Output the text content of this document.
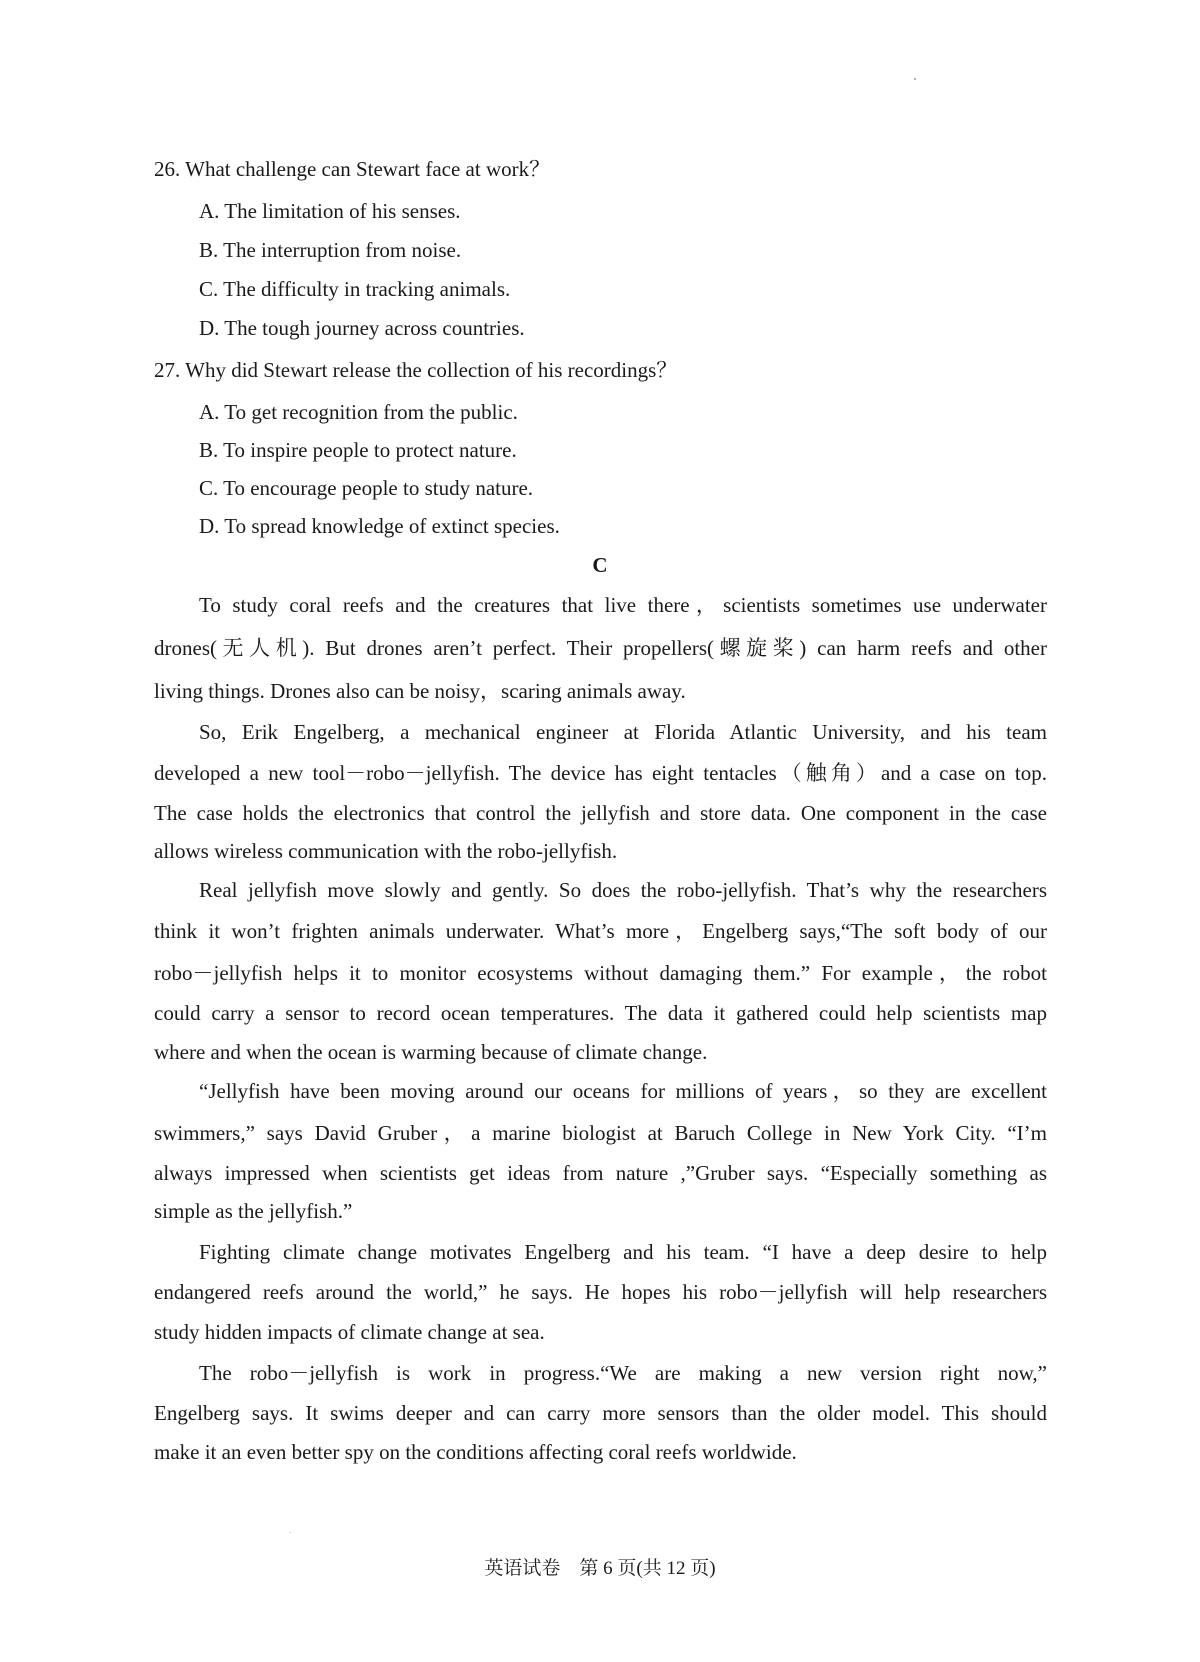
26. What challenge can Stewart face at work？
A. The limitation of his senses.
B. The interruption from noise.
C. The difficulty in tracking animals.
D. The tough journey across countries.
27. Why did Stewart release the collection of his recordings？
A. To get recognition from the public.
B. To inspire people to protect nature.
C. To encourage people to study nature.
D. To spread knowledge of extinct species.
C
To study coral reefs and the creatures that live there，scientists sometimes use underwater
drones(无人机). But drones aren’t perfect. Their propellers(螺旋桨) can harm reefs and other
living things. Drones also can be noisy，scaring animals away.
So, Erik Engelberg, a mechanical engineer at Florida Atlantic University, and his team
developed a new tool－robo－jellyfish. The device has eight tentacles（触角）and a case on top.
The case holds the electronics that control the jellyfish and store data. One component in the case
allows wireless communication with the robo-jellyfish.
Real jellyfish move slowly and gently. So does the robo-jellyfish. That’s why the researchers
think it won’t frighten animals underwater. What’s more，Engelberg says,“The soft body of our
robo－jellyfish helps it to monitor ecosystems without damaging them.” For example，the robot
could carry a sensor to record ocean temperatures. The data it gathered could help scientists map
where and when the ocean is warming because of climate change.
“Jellyfish have been moving around our oceans for millions of years，so they are excellent
swimmers,” says David Gruber，a marine biologist at Baruch College in New York City. “I’m
always impressed when scientists get ideas from nature ,”Gruber says. “Especially something as
simple as the jellyfish.”
Fighting climate change motivates Engelberg and his team. “I have a deep desire to help
endangered reefs around the world,” he says. He hopes his robo－jellyfish will help researchers
study hidden impacts of climate change at sea.
The robo－jellyfish is work in progress.“We are making a new version right now,”
Engelberg says. It swims deeper and can carry more sensors than the older model. This should
make it an even better spy on the conditions affecting coral reefs worldwide.
英语试卷　第 6 页(共 12 页)
